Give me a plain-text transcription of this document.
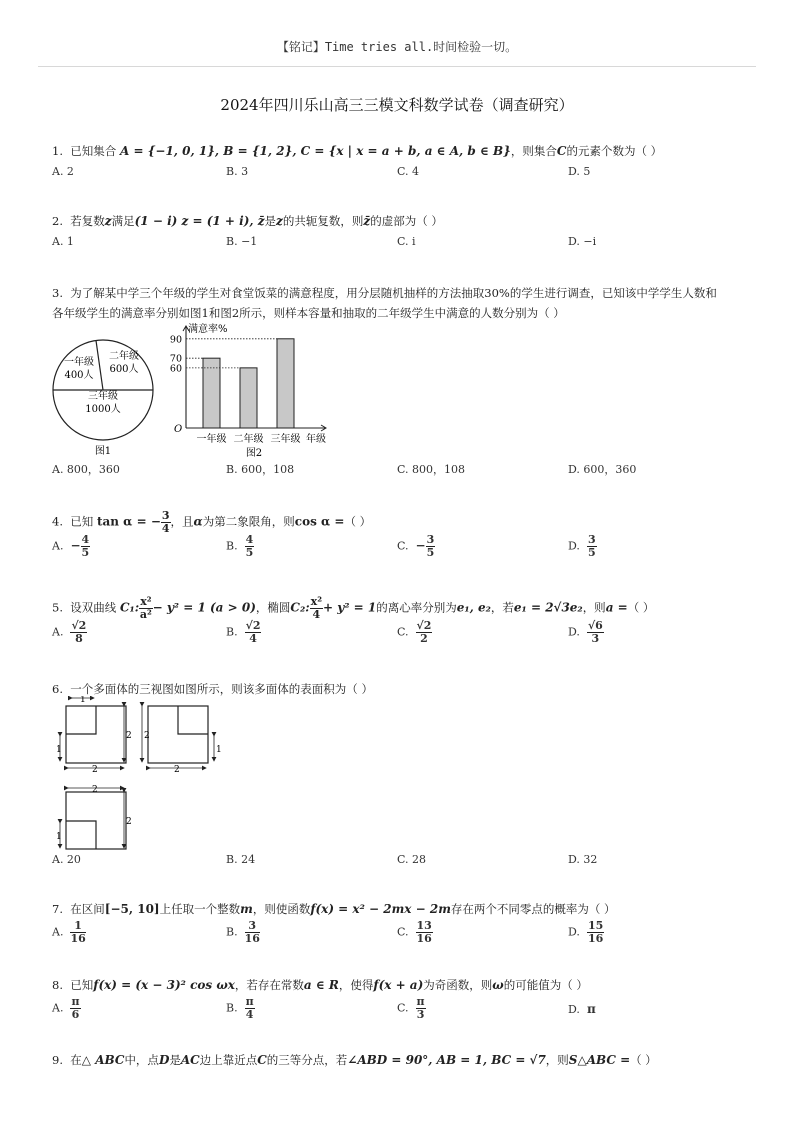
【铭记】Time tries all.时间检验一切。
2024年四川乐山高三三模文科数学试卷（调查研究）
1. 已知集合 A = {−1, 0, 1}, B = {1, 2}, C = {x | x = a + b, a ∈ A, b ∈ B}，则集合C的元素个数为（ ）
A. 2	B. 3	C. 4	D. 5
2. 若复数z满足(1 − i) z = (1 + i), z̄是z的共轭复数，则z̄的虚部为（ ）
A. 1	B. −1	C. i	D. −i
3. 为了解某中学三个年级的学生对食堂饭菜的满意程度，用分层随机抽样的方法抽取30%的学生进行调查，已知该中学学生人数和
各年级学生的满意率分别如图1和图2所示，则样本容量和抽取的二年级学生中满意的人数分别为（ ）
一年级
400人
二年级
600人
三年级
1000人
图1
满意率%
O
年级
一年级 二年级 三年级
60
70
90
图2
A. 800，360	B. 600，108	C. 800，108	D. 600，360
4. 已知 tan α = − $\frac{3}{4}$ ，且α为第二象限角，则cos α =（ ）
A. − $\frac{4}{5}$	B. $\frac{4}{5}$	C. − $\frac{3}{5}$	D. $\frac{3}{5}$
5. 设双曲线 C₁: $\frac{\text{x²}}{\text{a²}} - y^2 = 1$ (a > 0)，椭圆C₂: $\frac{\text{x²}}{4} + y^2 = 1$的离心率分别为e₁, e₂，若e₁ = 2√3e₂，则a =（ ）
A. $\frac{√2}{8}$	B. $\frac{√2}{4}$	C. $\frac{√2}{2}$	D. $\frac{√6}{3}$
6. 一个多面体的三视图如图所示，则该多面体的表面积为（ ）
1
2
1
2
2
1
2
2
2
1
A. 20	B. 24	C. 28	D. 32
7. 在区间[−5, 10]上任取一个整数m，则使函数f(x) = x² − 2mx − 2m存在两个不同零点的概率为（ ）
A. $\frac{1}{16}$	B. $\frac{3}{16}$	C. $\frac{13}{16}$	D. $\frac{15}{16}$
8. 已知f(x) = (x − 3)² cos ωx，若存在常数a ∈ R，使得f(x + a)为奇函数，则ω的可能值为（ ）
A. $\frac{\pi}{6}$	B. $\frac{\pi}{4}$	C. $\frac{\pi}{3}$	D. π
9. 在△ ABC中，点D是AC边上靠近点C的三等分点，若∠ABD = 90°, AB = 1, BC = √7，则S△ABC =（ ）
